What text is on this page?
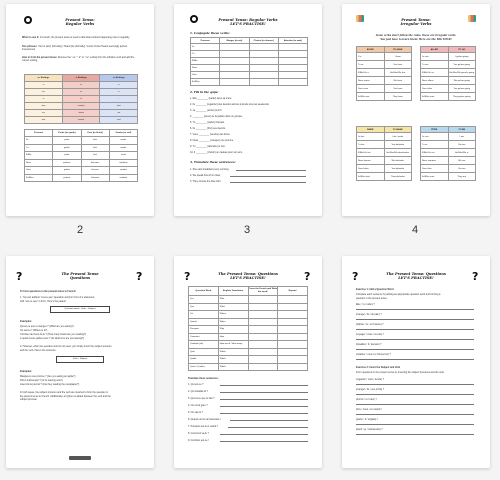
Present Tense:
Regular Verbs
When to use it: In French, the present tense is used to talk about actions happening now or regularly.
Two phrases: You be (arrr) (formally) / Heard (be (formally) / Junior Invite/ Heard seemingly perfect inventement
How to form the present tense: Remove the "-er," "-ir" or "-re" ending from the infinitive verb and add the correct ending.
-er Endings	-ir Endings	-re Endings
-e	-is	-s
-es	-is	-s
-e	-it	-
-ons	-issons	-ons
-ez	-issez	-ez
-ent	-issent	-ent
Pronoun	Parler (to speak)	Finir (to finish)	Vendre (to sell)
Je	parle	finis	vends
Tu	parles	finis	vends
Il/Elle	parle	finit	vend
Nous	parlons	finissons	vendons
Vous	parlez	finissez	vendez
Ils/Elles	parlent	finissent	vendent
2
Present Tense: Regular Verbs
LET'S PRACTISE!
1. Conjugate these verbs:
Pronoun	Manger (to eat)	Choisir (to choose)	Attendre (to wait)
Je			
Tu			
Il/Elle			
Nous			
Vous			
Ils/Elles			
2. Fill in the gaps:
1. Elle ________ (parler) avec sa mère.
2. Ils ________ (regarder) des dessins animés à la télé tous les weekends.
3. Je ________ (arriver) à 8 h.
4. ________ (jouer) de la guitare dans un groupe.
5. Tu ________ (parler) français.
6. Ils ________ (finir) ses devoirs.
7. Vous ________ (vendre) des livres.
8. Nous ________ (manger) une pomme.
9. Tu ________ (attendre) le bus.
10. Il ________ (choisir) un cadeau pour son ami.
3. Translate these sentences:
1. She eats breakfast every morning.
2. We speak French in class.
3. They choose the blue shirt.
3
Present Tense:
Irregular Verbs
Some verbs don't follow the rules, these are irregular verbs.
You just have to learn them! Here are the BIG FOUR!
AVOIR	TO HAVE
J'ai	I have
Tu as	You have
Il/Elle/On a	He/She/We has
Nous avons	We have
Vous avez	You have
Ils/Elles ont	They have
ALLER	TO GO
Je vais	I go/am going
Tu vas	You go/are going
Il/Elle/On va	He/She/We goes/is going
Nous allons	We go/are going
Vous allez	You go/are going
Ils/Elles vont	They go/are going
FAIRE	TO MAKE
Je fais	I do / make
Tu fais	You do/make
Il/Elle/On fait	He/She/We does/make
Nous faisons	We do/make
Vous faites	You do/make
Ils/Elles font	They do/make
ÊTRE	TO BE
Je suis	I am
Tu es	You are
Il/Elle/On est	He/She/We is
Nous sommes	We are
Vous êtes	You are
Ils/Elles sont	They are
4
?	?
The Present Tense
Questions
To form questions in the present tense in French:
1. You can add/put "est-ce que" (question word) in front of a statement,
with "est-ce que" in front. Here's the pattern:
Question word + Verb + Subject
Examples:
Qu'est-ce que tu manges ? (What are you eating?)
Où vas-tu ? (Where is it?)
Combien de livres lis-tu ? (How many books are you reading?)
À quelle heure parles-vous ? (At what time are you leaving?)
2. However, when the question word is not used, you simply invert the subject pronoun
and the verb. Here's the structure:
Verb + Subject
Examples:
Manges-tu une pomme ? (Are you eating an apple?)
Part-il maintenant ? (Is he leaving now?)
Lisent-ils le journal ? (Are they reading the newspaper?)
In both cases, the subject pronoun and the verb are inverted to form the question in
the present tense in French. Additionally, a hyphen is added between the verb and the
subject pronoun.
?	?
The Present Tense: Questions
LET'S PRACTISE!
Question Word	English Translation	Cover the French and Write the word!	Repeat!
Qui	Who		
Que	What		
Où	Where		
Quand	When		
Pourquoi	Why		
Comment	How		
Combien (de)	How much / How many		
Quel	Which		
Quelle	Which		
Quels / Quelles	Which		
Translate these sentences:
1. Qui est-ce ?
2. Qui travaille ici ?
3. Qu'est-ce que tu fais ?
4. Où est la gare ?
5. Où vas-tu ?
6. Quand est ton anniversaire ?
7. Pourquoi est-il en retard ?
8. Comment va-tu ?
9. Combien est-ce ?
?	?
The Present Tense: Questions
LET'S PRACTISE!
Exercise 1: Add a Question Word
Complete each sentence by adding an appropriate question word and forming a
question in the present tense.
Elle ( / tu / aller) ?
(manger / ils / du pain) ?
(habiter / tu / en France) ?
(voyager / vous / cet été) ?
(travailler / il / demain) ?
(célébrer / nous / le Nouvel An) ?
Exercise 2: Invert the Subject and Verb
Form questions in the present tense by inverting the subject pronouns and the verb.
(regarder / vous / la télé) ?
(manger / ils / une pizza) ?
(dormir / tu / bien) ?
(être / nous / en retard) ?
(parler / il / anglais) ?
(partir / je / maintenant) ?
